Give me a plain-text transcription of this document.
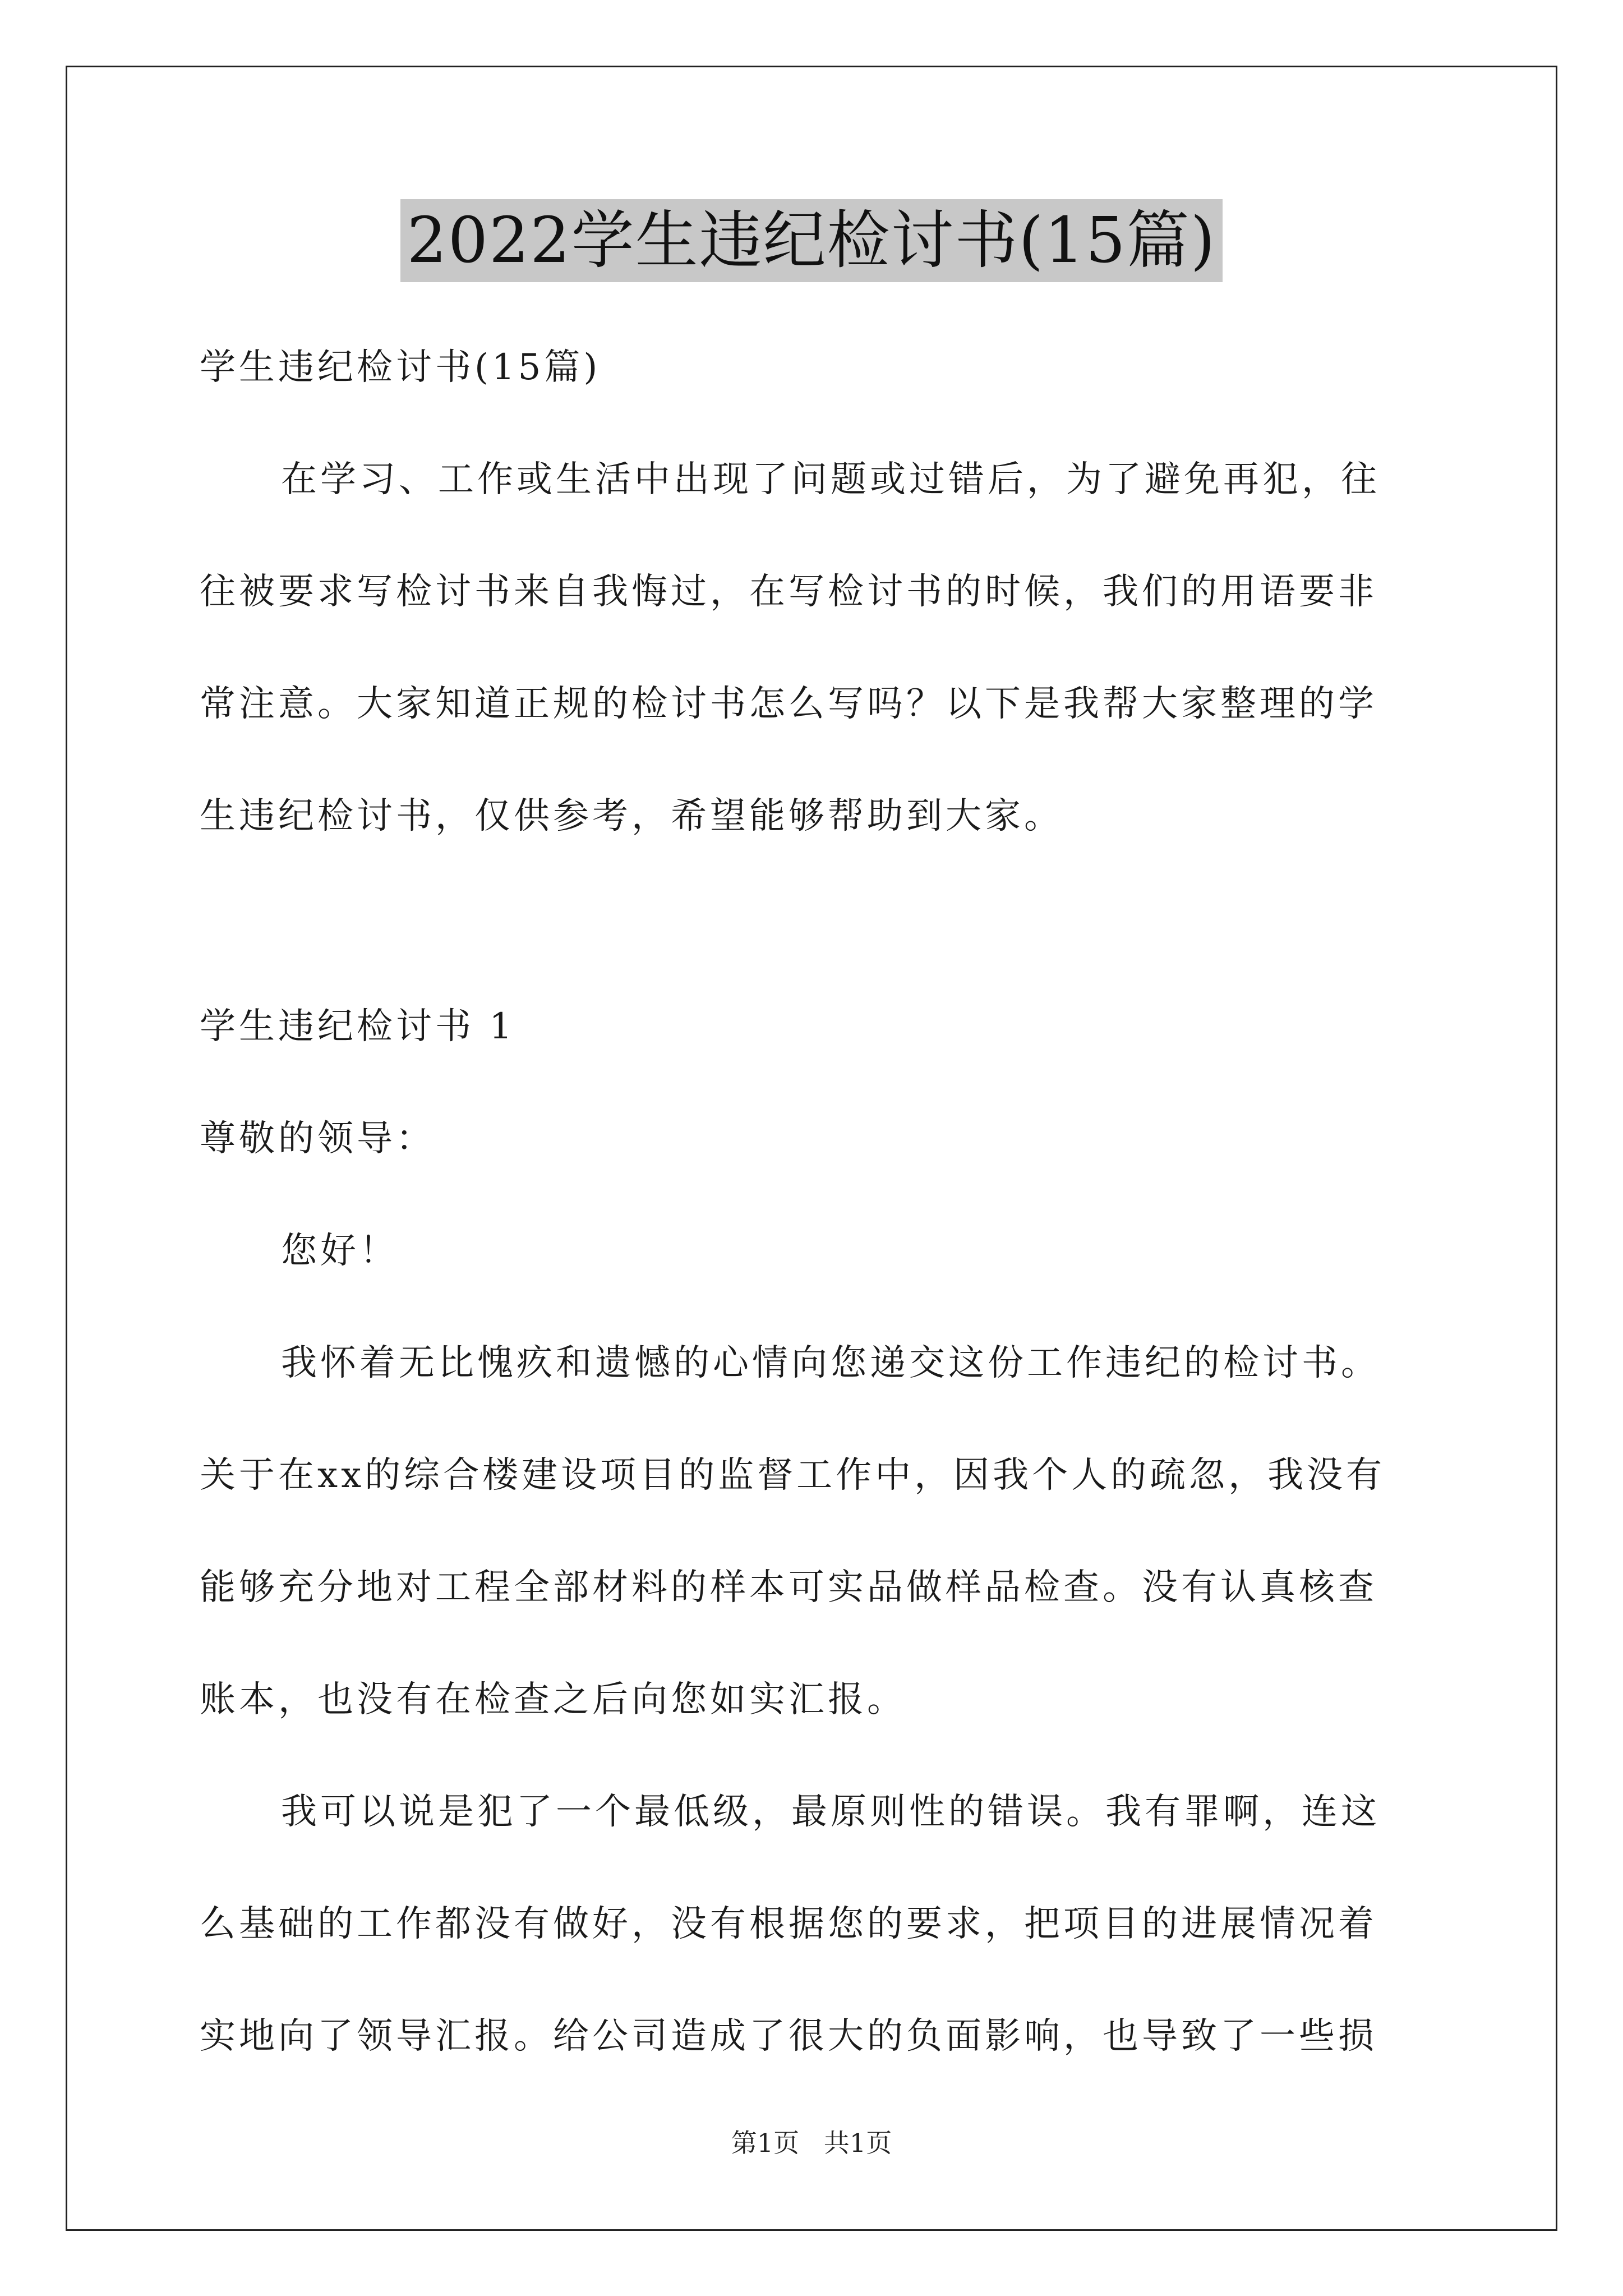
2022学生违纪检讨书(15篇)
学生违纪检讨书(15篇)
在学习、工作或生活中出现了问题或过错后，为了避免再犯，往
往被要求写检讨书来自我悔过，在写检讨书的时候，我们的用语要非
常注意。大家知道正规的检讨书怎么写吗？以下是我帮大家整理的学
生违纪检讨书，仅供参考，希望能够帮助到大家。
学生违纪检讨书 1
尊敬的领导：
您好！
我怀着无比愧疚和遗憾的心情向您递交这份工作违纪的检讨书。
关于在xx的综合楼建设项目的监督工作中，因我个人的疏忽，我没有
能够充分地对工程全部材料的样本可实品做样品检查。没有认真核查
账本，也没有在检查之后向您如实汇报。
我可以说是犯了一个最低级，最原则性的错误。我有罪啊，连这
么基础的工作都没有做好，没有根据您的要求，把项目的进展情况着
实地向了领导汇报。给公司造成了很大的负面影响，也导致了一些损
第1页   共1页
